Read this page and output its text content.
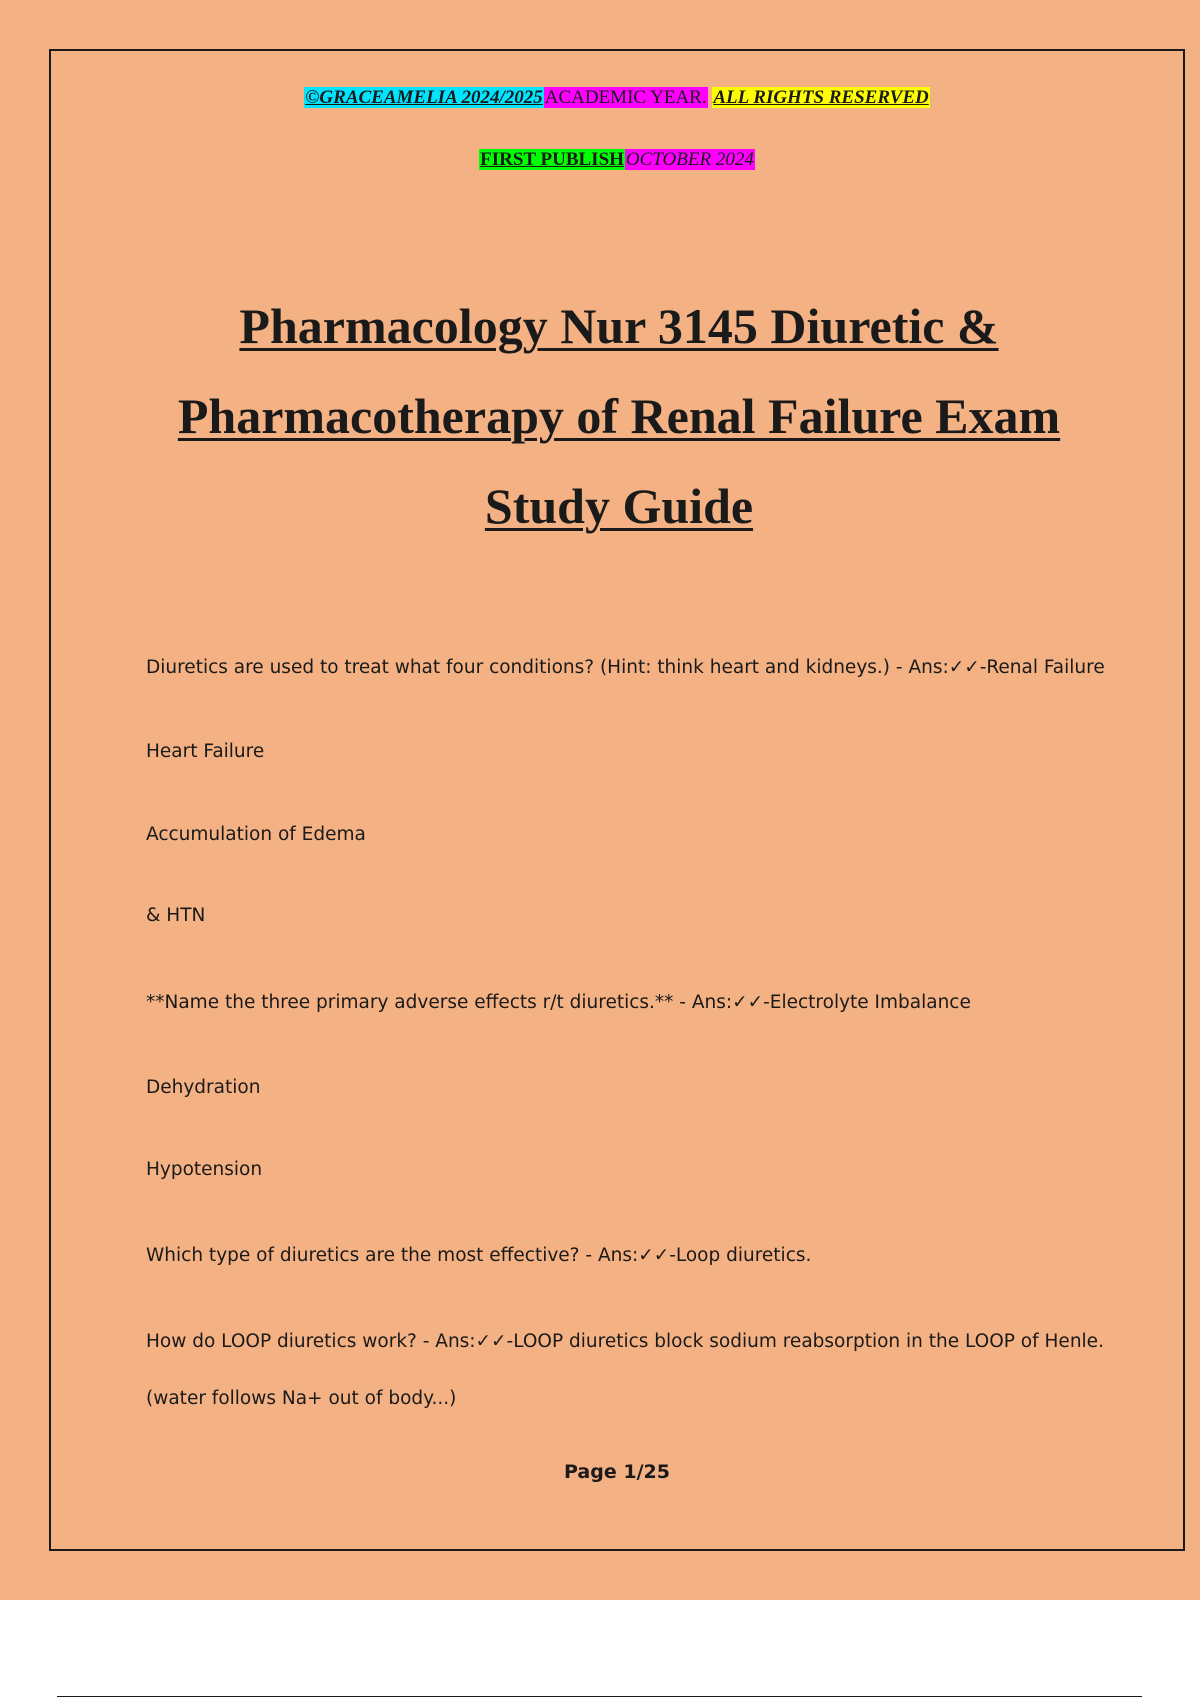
©GRACEAMELIA 2024/2025 ACADEMIC YEAR. ALL RIGHTS RESERVED
FIRST PUBLISH OCTOBER 2024
Pharmacology Nur 3145 Diuretic &
Pharmacotherapy of Renal Failure Exam
Study Guide

Diuretics are used to treat what four conditions? (Hint: think heart and kidneys.) - Ans:✓✓-Renal Failure

Heart Failure

Accumulation of Edema

& HTN

**Name the three primary adverse effects r/t diuretics.** - Ans:✓✓-Electrolyte Imbalance

Dehydration

Hypotension

Which type of diuretics are the most effective? - Ans:✓✓-Loop diuretics.

How do LOOP diuretics work? - Ans:✓✓-LOOP diuretics block sodium reabsorption in the LOOP of Henle.

(water follows Na+ out of body...)

Page 1/25
